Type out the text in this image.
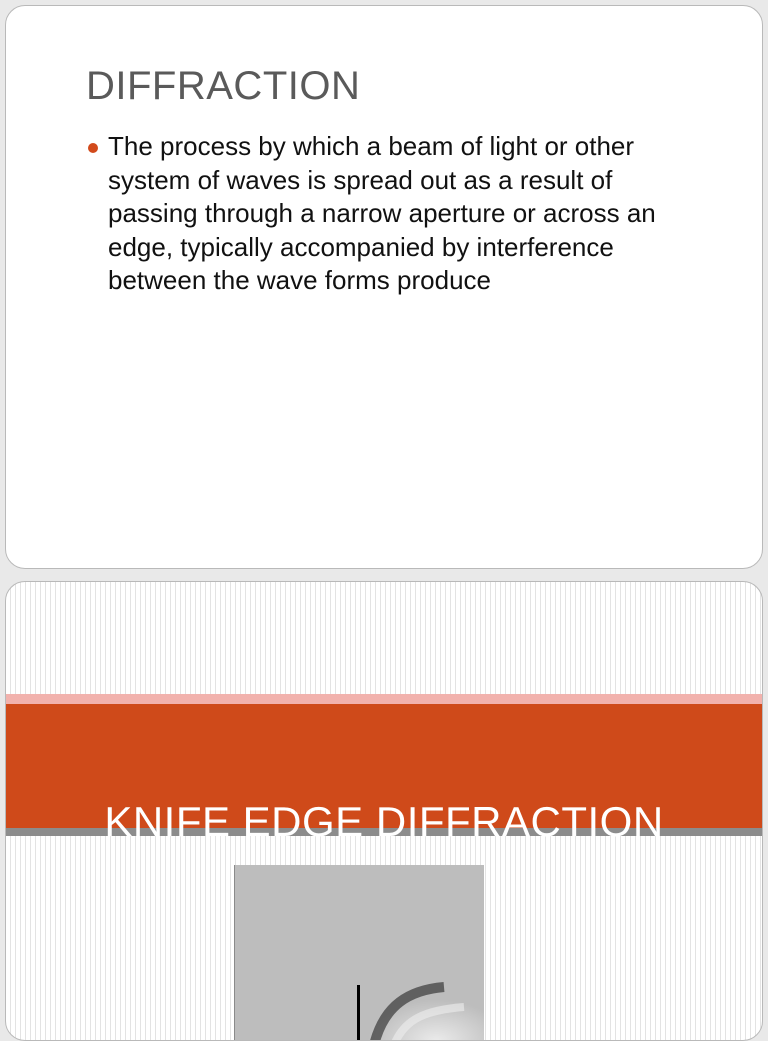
DIFFRACTION
The process by which a beam of light or other system of waves is spread out as a result of passing through a narrow aperture or across an edge, typically accompanied by interference between the wave forms produce
KNIFE EDGE DIFFRACTION
